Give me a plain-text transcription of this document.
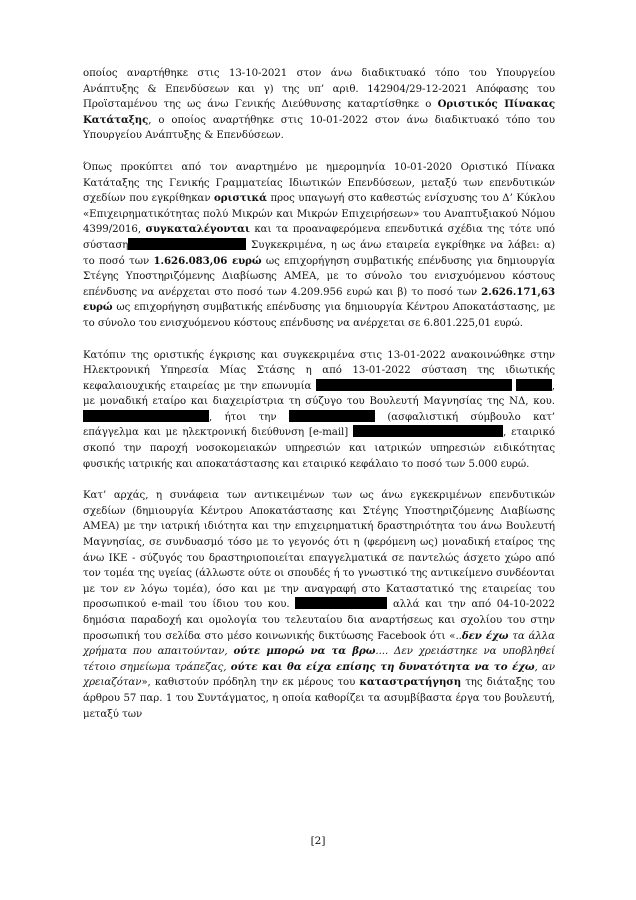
οποίος αναρτήθηκε στις 13-10-2021 στον άνω διαδικτυακό τόπο του Υπουργείου Ανάπτυξης & Επενδύσεων και γ) της υπ’ αριθ. 142904/29-12-2021 Απόφασης του Προϊσταμένου της ως άνω Γενικής Διεύθυνσης καταρτίσθηκε ο Οριστικός Πίνακας Κατάταξης, ο οποίος αναρτήθηκε στις 10-01-2022 στον άνω διαδικτυακό τόπο του Υπουργείου Ανάπτυξης & Επενδύσεων.

Όπως προκύπτει από τον αναρτημένο με ημερομηνία 10-01-2020 Οριστικό Πίνακα Κατάταξης της Γενικής Γραμματείας Ιδιωτικών Επενδύσεων, μεταξύ των επενδυτικών σχεδίων που εγκρίθηκαν οριστικά προς υπαγωγή στο καθεστώς ενίσχυσης του Δ’ Κύκλου «Επιχειρηματικότητας πολύ Μικρών και Μικρών Επιχειρήσεων» του Αναπτυξιακού Νόμου 4399/2016, συγκαταλέγονται και τα προαναφερόμενα επενδυτικά σχέδια της τότε υπό σύσταση	Συγκεκριμένα, η ως άνω εταιρεία εγκρίθηκε να λάβει: α) το ποσό των 1.626.083,06 ευρώ ως επιχορήγηση συμβατικής επένδυσης για δημιουργία Στέγης Υποστηριζόμενης Διαβίωσης ΑΜΕΑ, με το σύνολο του ενισχυόμενου κόστους επένδυσης να ανέρχεται στο ποσό των 4.209.956 ευρώ και β) το ποσό των 2.626.171,63 ευρώ ως επιχορήγηση συμβατικής επένδυσης για δημιουργία Κέντρου Αποκατάστασης, με το σύνολο του ενισχυόμενου κόστους επένδυσης να ανέρχεται σε 6.801.225,01 ευρώ.

Κατόπιν της οριστικής έγκρισης και συγκεκριμένα στις 13-01-2022 ανακοινώθηκε στην Ηλεκτρονική Υπηρεσία Μίας Στάσης η από 13-01-2022 σύσταση της ιδιωτικής κεφαλαιουχικής εταιρείας με την επωνυμία	, με μοναδική εταίρο και διαχειρίστρια τη σύζυγο του Βουλευτή Μαγνησίας της ΝΔ, κου. , ήτοι την	(ασφαλιστική σύμβουλο κατ’ επάγγελμα και με ηλεκτρονική διεύθυνση [e-mail]	, εταιρικό σκοπό την παροχή νοσοκομειακών υπηρεσιών και ιατρικών υπηρεσιών ειδικότητας φυσικής ιατρικής και αποκατάστασης και εταιρικό κεφάλαιο το ποσό των 5.000 ευρώ.

Κατ’ αρχάς, η συνάφεια των αντικειμένων των ως άνω εγκεκριμένων επενδυτικών σχεδίων (δημιουργία Κέντρου Αποκατάστασης και Στέγης Υποστηριζόμενης Διαβίωσης ΑΜΕΑ) με την ιατρική ιδιότητα και την επιχειρηματική δραστηριότητα του άνω Βουλευτή Μαγνησίας, σε συνδυασμό τόσο με το γεγονός ότι η (φερόμενη ως) μοναδική εταίρος της άνω ΙΚΕ - σύζυγός του δραστηριοποιείται επαγγελματικά σε παντελώς άσχετο χώρο από τον τομέα της υγείας (άλλωστε ούτε οι σπουδές ή το γνωστικό της αντικείμενο συνδέονται με τον εν λόγω τομέα), όσο και με την αναγραφή στο Καταστατικό της εταιρείας του προσωπικού e-mail του ίδιου του κου.	αλλά και την από 04-10-2022 δημόσια παραδοχή και ομολογία του τελευταίου δια αναρτήσεως και σχολίου του στην προσωπική του σελίδα στο μέσο κοινωνικής δικτύωσης Facebook ότι «..δεν έχω τα άλλα χρήματα που απαιτούνταν, ούτε μπορώ να τα βρω.... Δεν χρειάστηκε να υποβληθεί τέτοιο σημείωμα τράπεζας, ούτε και θα είχα επίσης τη δυνατότητα να το έχω, αν χρειαζόταν», καθιστούν πρόδηλη την εκ μέρους του καταστρατήγηση της διάταξης του άρθρου 57 παρ. 1 του Συντάγματος, η οποία καθορίζει τα ασυμβίβαστα έργα του βουλευτή, μεταξύ των

[2]
